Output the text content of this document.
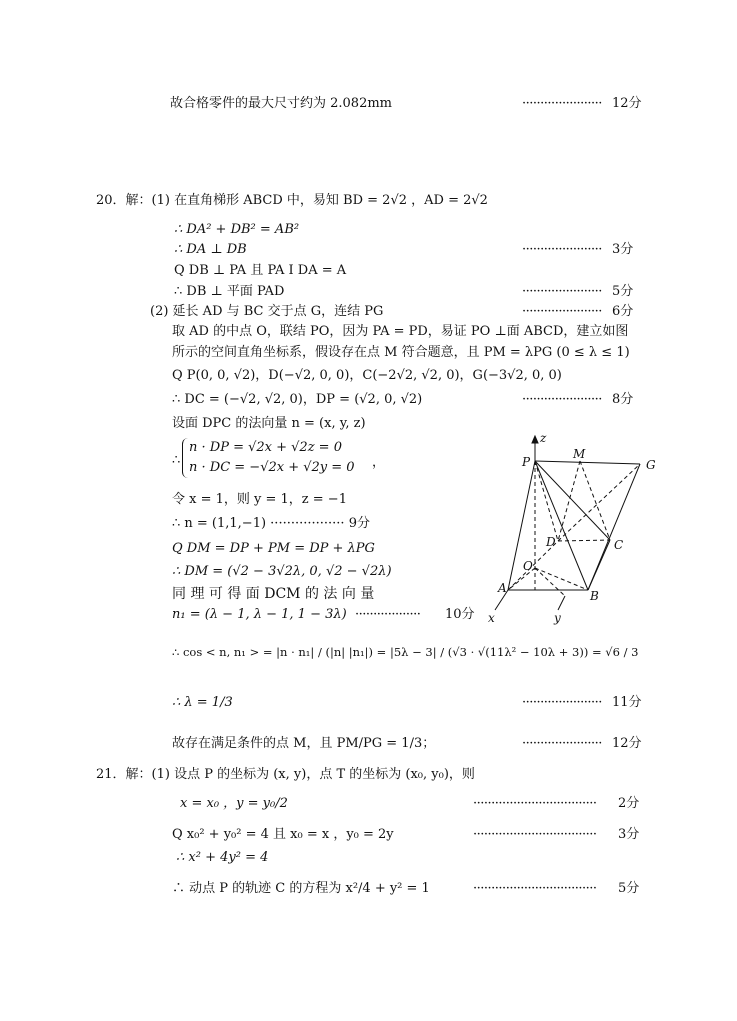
故合格零件的最大尺寸约为 2.082mm	······················ 12分
20．解：(1) 在直角梯形 ABCD 中，易知 BD = 2√2 ，AD = 2√2
∴ DA² + DB² = AB²
∴ DA ⊥ DB	······················ 3分
Q DB ⊥ PA 且 PA I DA = A
∴ DB ⊥ 平面 PAD	······················ 5分
(2) 延长 AD 与 BC 交于点 G，连结 PG	······················ 6分
取 AD 的中点 O，联结 PO，因为 PA = PD，易证 PO ⊥面 ABCD，建立如图
所示的空间直角坐标系，假设存在点 M 符合题意，且 PM = λPG (0 ≤ λ ≤ 1)
Q P(0, 0, √2)，D(−√2, 0, 0)，C(−2√2, √2, 0)，G(−3√2, 0, 0)
∴ DC = (−√2, √2, 0)，DP = (√2, 0, √2)	······················ 8分
设面 DPC 的法向量 n = (x, y, z)
∴
n · DP = √2x + √2z = 0
n · DC = −√2x + √2y = 0 ，
令 x = 1，则 y = 1，z = −1
∴ n = (1,1,−1) ·················· 9分
Q DM = DP + PM = DP + λPG
∴ DM = (√2 − 3√2λ, 0, √2 − √2λ)
同 理 可 得 面 DCM 的 法 向 量
n₁ = (λ − 1, λ − 1, 1 − 3λ) ·················· 10分
∴ cos < n, n₁ > = |n · n₁| / (|n| |n₁|) = |5λ − 3| / (√3 · √(11λ² − 10λ + 3)) = √6 / 3
∴ λ = 1/3	······················ 11分
故存在满足条件的点 M，且 PM/PG = 1/3；	······················ 12分
21．解：(1) 设点 P 的坐标为 (x, y)，点 T 的坐标为 (x₀, y₀)，则
x = x₀ ，y = y₀/2	·································· 2分
Q x₀² + y₀² = 4 且 x₀ = x ，y₀ = 2y	·································· 3分
∴ x² + 4y² = 4
∴ 动点 P 的轨迹 C 的方程为 x²/4 + y² = 1	·································· 5分
z
P
M
G
D	C
O
A
B
x	y
